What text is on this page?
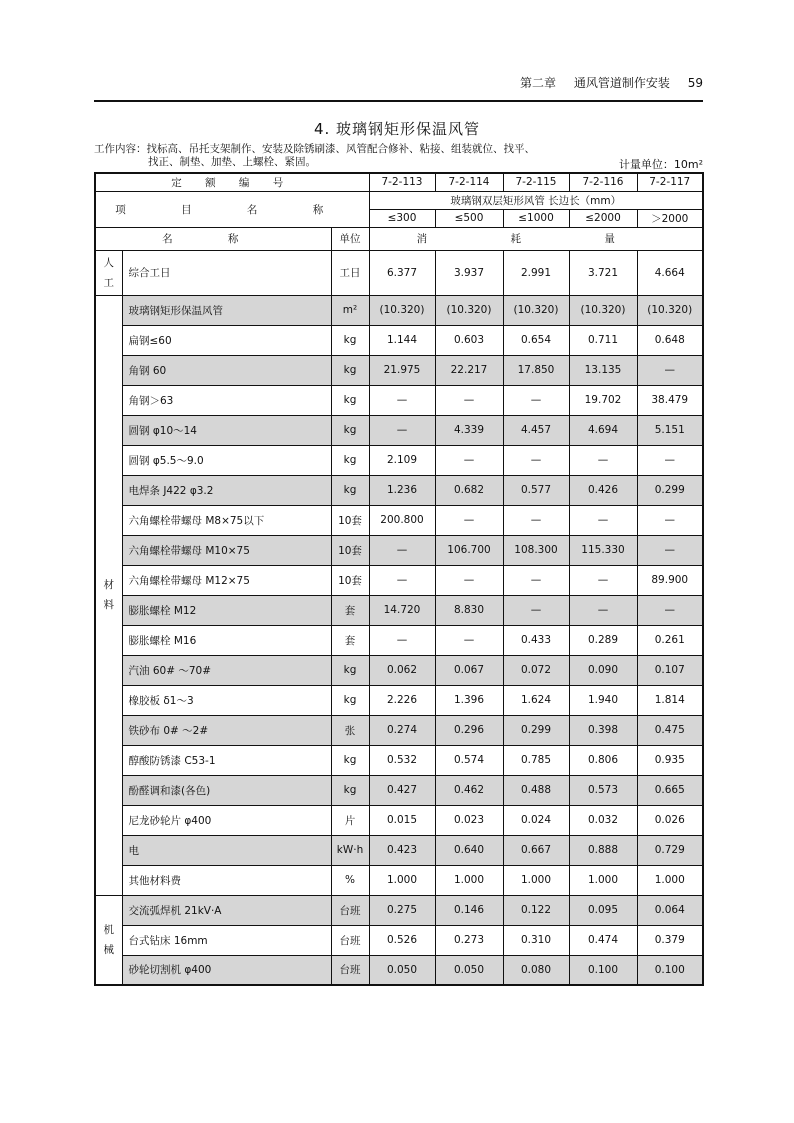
第二章 通风管道制作安装 59
4. 玻璃钢矩形保温风管
工作内容：找标高、吊托支架制作、安装及除锈刷漆、风管配合修补、粘接、组装就位、找平、
找正、制垫、加垫、上螺栓、紧固。	计量单位：10m²
定 额 编 号			7-2-113	7-2-114	7-2-115	7-2-116	7-2-117
项 目 名 称			玻璃钢双层矩形风管 长边长（mm）				
			≤300	≤500	≤1000	≤2000	＞2000
名 称		单位	消 耗 量				
人工	综合工日	工日	6.377	3.937	2.991	3.721	4.664
材料	玻璃钢矩形保温风管	m²	(10.320)	(10.320)	(10.320)	(10.320)	(10.320)
	扁钢≤60	kg	1.144	0.603	0.654	0.711	0.648
	角钢 60	kg	21.975	22.217	17.850	13.135	—
	角钢＞63	kg	—	—	—	19.702	38.479
	圆钢 φ10～14	kg	—	4.339	4.457	4.694	5.151
	圆钢 φ5.5～9.0	kg	2.109	—	—	—	—
	电焊条 J422 φ3.2	kg	1.236	0.682	0.577	0.426	0.299
	六角螺栓带螺母 M8×75以下	10套	200.800	—	—	—	—
	六角螺栓带螺母 M10×75	10套	—	106.700	108.300	115.330	—
	六角螺栓带螺母 M12×75	10套	—	—	—	—	89.900
	膨胀螺栓 M12	套	14.720	8.830	—	—	—
	膨胀螺栓 M16	套	—	—	0.433	0.289	0.261
	汽油 60# ～70#	kg	0.062	0.067	0.072	0.090	0.107
	橡胶板 δ1～3	kg	2.226	1.396	1.624	1.940	1.814
	铁砂布 0# ～2#	张	0.274	0.296	0.299	0.398	0.475
	醇酸防锈漆 C53-1	kg	0.532	0.574	0.785	0.806	0.935
	酚醛调和漆(各色)	kg	0.427	0.462	0.488	0.573	0.665
	尼龙砂轮片 φ400	片	0.015	0.023	0.024	0.032	0.026
	电	kW·h	0.423	0.640	0.667	0.888	0.729
	其他材料费	%	1.000	1.000	1.000	1.000	1.000
机械	交流弧焊机 21kV·A	台班	0.275	0.146	0.122	0.095	0.064
	台式钻床 16mm	台班	0.526	0.273	0.310	0.474	0.379
	砂轮切割机 φ400	台班	0.050	0.050	0.080	0.100	0.100
